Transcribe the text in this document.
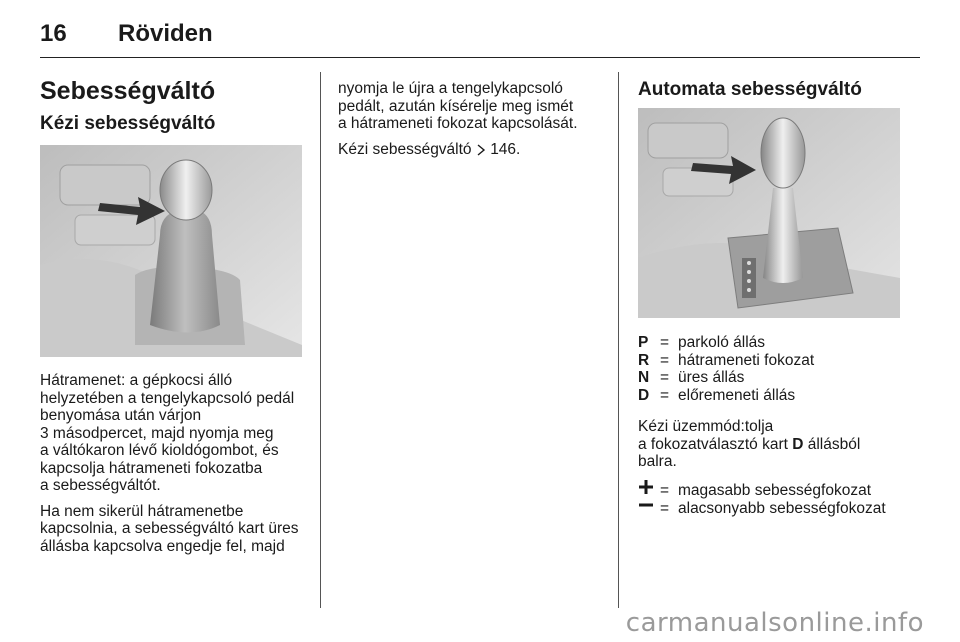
16 Röviden
Sebességváltó
Kézi sebességváltó

Hátramenet: a gépkocsi álló
helyzetében a tengelykapcsoló pedál
benyomása után várjon
3 másodpercet, majd nyomja meg
a váltókaron lévő kioldógombot, és
kapcsolja hátrameneti fokozatba
a sebességváltót.

Ha nem sikerül hátramenetbe
kapcsolnia, a sebességváltó kart üres
állásba kapcsolva engedje fel, majd

nyomja le újra a tengelykapcsoló
pedált, azután kísérelje meg ismét
a hátrameneti fokozat kapcsolását.

Kézi sebességváltó 146.

Automata sebességváltó
P = parkoló állás
R = hátrameneti fokozat
N = üres állás
D = előremeneti állás

Kézi üzemmód:tolja
a fokozatválasztó kart D állásból
balra.

= magasabb sebességfokozat
= alacsonyabb sebességfokozat
carmanualsonline.info
